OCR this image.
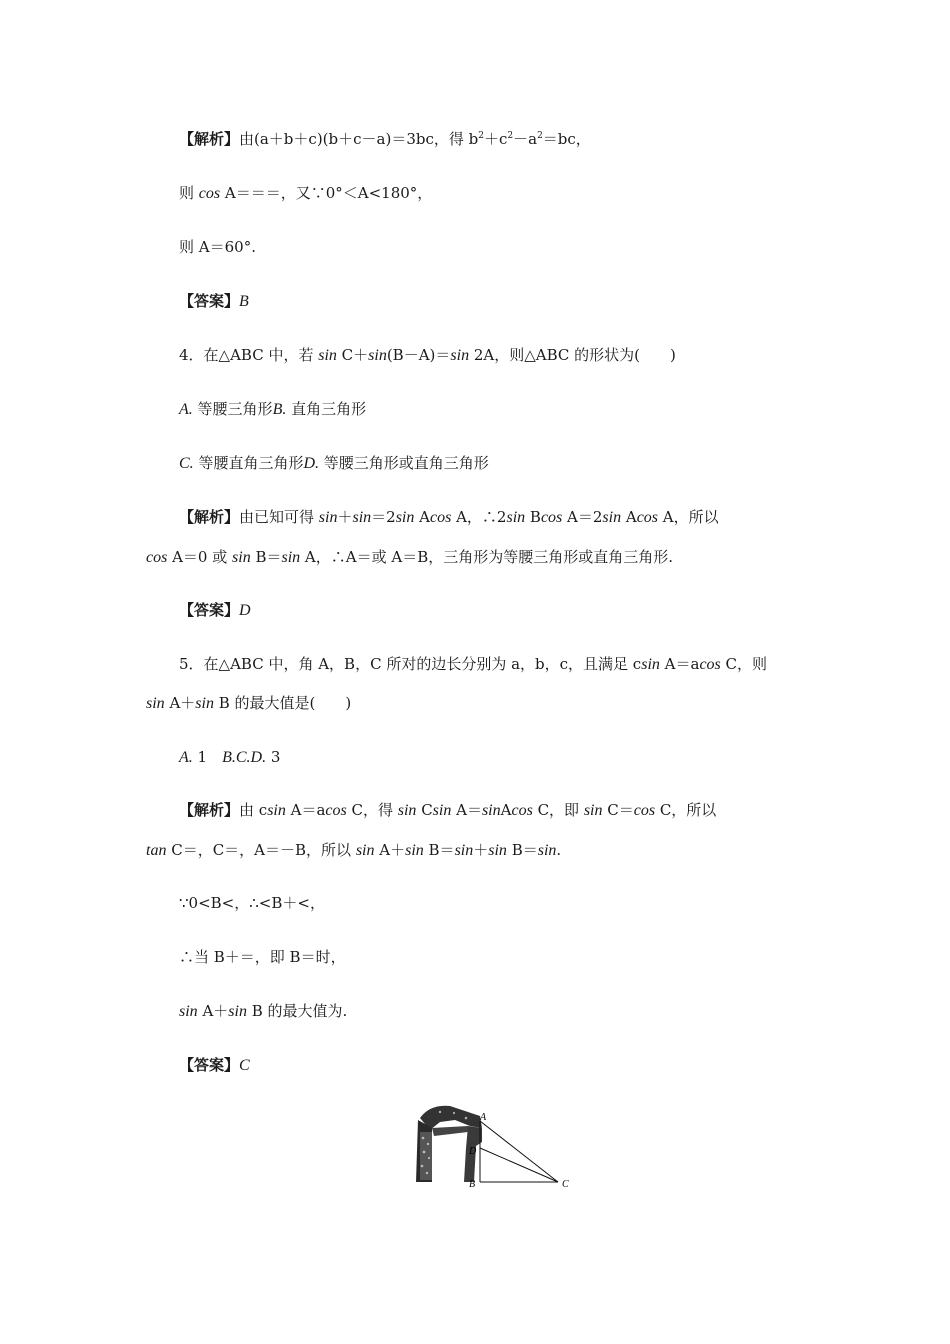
【解析】由(a＋b＋c)(b＋c－a)＝3bc，得 $b^2+c^2-a^2=bc$，
则 cos A＝＝＝，又∵0°＜A<180°，
则 A＝60°.
【答案】B
4．在△ABC 中，若 sin C＋sin(B－A)＝sin 2A，则△ABC 的形状为(　　)
A. 等腰三角形B. 直角三角形
C. 等腰直角三角形D. 等腰三角形或直角三角形
【解析】由已知可得 sin＋sin＝2sin Acos A，∴2sin Bcos A＝2sin Acos A，所以
cos A＝0 或 sin B＝sin A，∴A＝或 A＝B，三角形为等腰三角形或直角三角形.
【答案】D
5．在△ABC 中，角 A，B，C 所对的边长分别为 a，b，c，且满足 csin A＝acos C，则
sin A＋sin B 的最大值是(　　)
A. 1　B.C.D. 3
【解析】由 csin A＝acos C，得 sin Csin A＝sinAcos C，即 sin C＝cos C，所以
tan C＝，C＝，A＝－B，所以 sin A＋sin B＝sin＋sin B＝sin.
∵0<B<，∴<B＋<，
∴当 B＋＝，即 B＝时，
sin A＋sin B 的最大值为.
【答案】C
A
D
B	C
